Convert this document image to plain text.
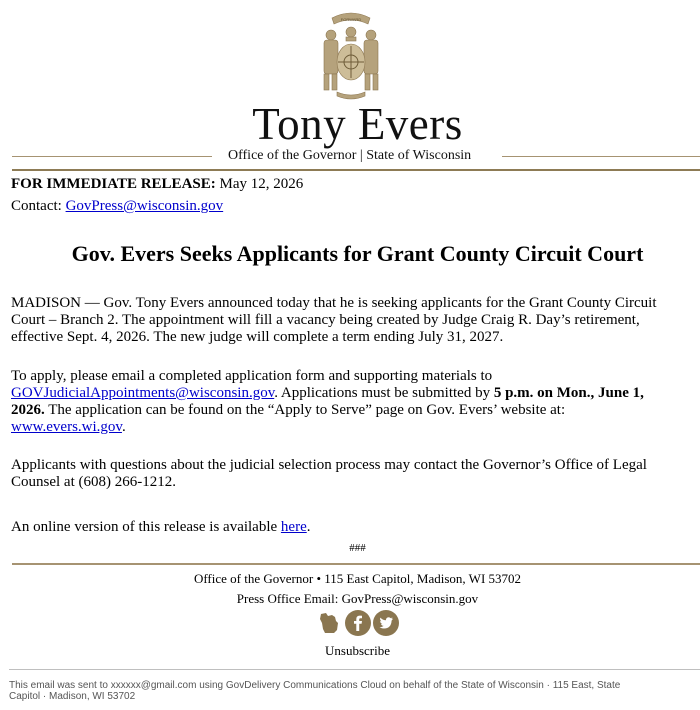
FORWARD
Tony Evers
Office of the Governor | State of Wisconsin
FOR IMMEDIATE RELEASE: May 12, 2026
Contact: GovPress@wisconsin.gov
Gov. Evers Seeks Applicants for Grant County Circuit Court
MADISON — Gov. Tony Evers announced today that he is seeking applicants for the Grant County Circuit
Court – Branch 2. The appointment will fill a vacancy being created by Judge Craig R. Day’s retirement,
effective Sept. 4, 2026. The new judge will complete a term ending July 31, 2027.
To apply, please email a completed application form and supporting materials to
GOVJudicialAppointments@wisconsin.gov. Applications must be submitted by 5 p.m. on Mon., June 1,
2026. The application can be found on the “Apply to Serve” page on Gov. Evers’ website at:
www.evers.wi.gov.
Applicants with questions about the judicial selection process may contact the Governor’s Office of Legal
Counsel at (608) 266-1212.
An online version of this release is available here.
###
Office of the Governor • 115 East Capitol, Madison, WI 53702
Press Office Email: GovPress@wisconsin.gov
Unsubscribe
This email was sent to xxxxxx@gmail.com using GovDelivery Communications Cloud on behalf of the State of Wisconsin · 115 East, State
Capitol · Madison, WI 53702
